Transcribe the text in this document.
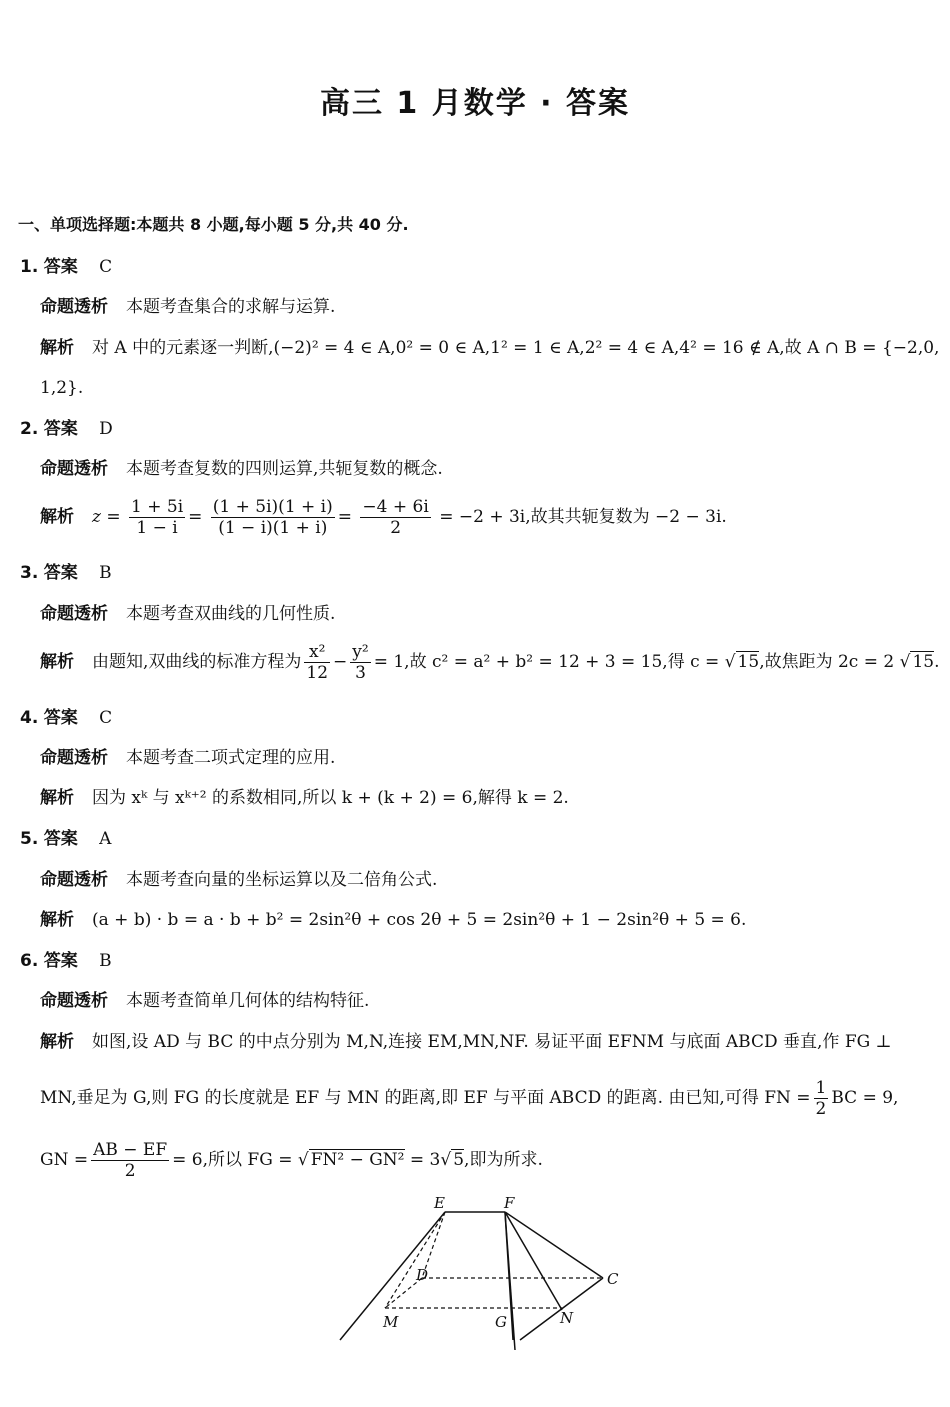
高三 1 月数学 · 答案
一、单项选择题:本题共 8 小题,每小题 5 分,共 40 分.
1. 答案 C
命题透析 本题考查集合的求解与运算.
解析 对 A 中的元素逐一判断,(−2)² = 4 ∈ A,0² = 0 ∈ A,1² = 1 ∈ A,2² = 4 ∈ A,4² = 16 ∉ A,故 A ∩ B = {−2,0,
1,2}.
2. 答案 D
命题透析 本题考查复数的四则运算,共轭复数的概念.
解析 $z = \frac{1 + 5i}{1 - i} = \frac{(1 + 5i)(1 + i)}{(1 - i)(1 + i)} = \frac{-4 + 6i}{2} = -2 + 3i$,故其共轭复数为 −2 − 3i.
3. 答案 B
命题透析 本题考查双曲线的几何性质.
解析 由题知,双曲线的标准方程为 $\frac{\text{x²}}{12} - \frac{\text{y²}}{3} = 1$,故 c² = a² + b² = 12 + 3 = 15,得 c = √ 15,故焦距为 2c = 2 √ 15.
4. 答案 C
命题透析 本题考查二项式定理的应用.
解析 因为 xᵏ 与 xᵏ⁺² 的系数相同,所以 k + (k + 2) = 6,解得 k = 2.
5. 答案 A
命题透析 本题考查向量的坐标运算以及二倍角公式.
解析 (a + b) · b = a · b + b² = 2sin²θ + cos 2θ + 5 = 2sin²θ + 1 − 2sin²θ + 5 = 6.
6. 答案 B
命题透析 本题考查简单几何体的结构特征.
解析 如图,设 AD 与 BC 的中点分别为 M,N,连接 EM,MN,NF. 易证平面 EFNM 与底面 ABCD 垂直,作 FG ⊥
MN,垂足为 G,则 FG 的长度就是 EF 与 MN 的距离,即 EF 与平面 ABCD 的距离. 由已知,可得 FN = $\frac{1}{2}$ BC = 9,
GN = $\frac{AB - EF}{2} = 6$,所以 FG = √ FN² − GN² = 3√ 5,即为所求.
E	F
D	C
M	G	N
